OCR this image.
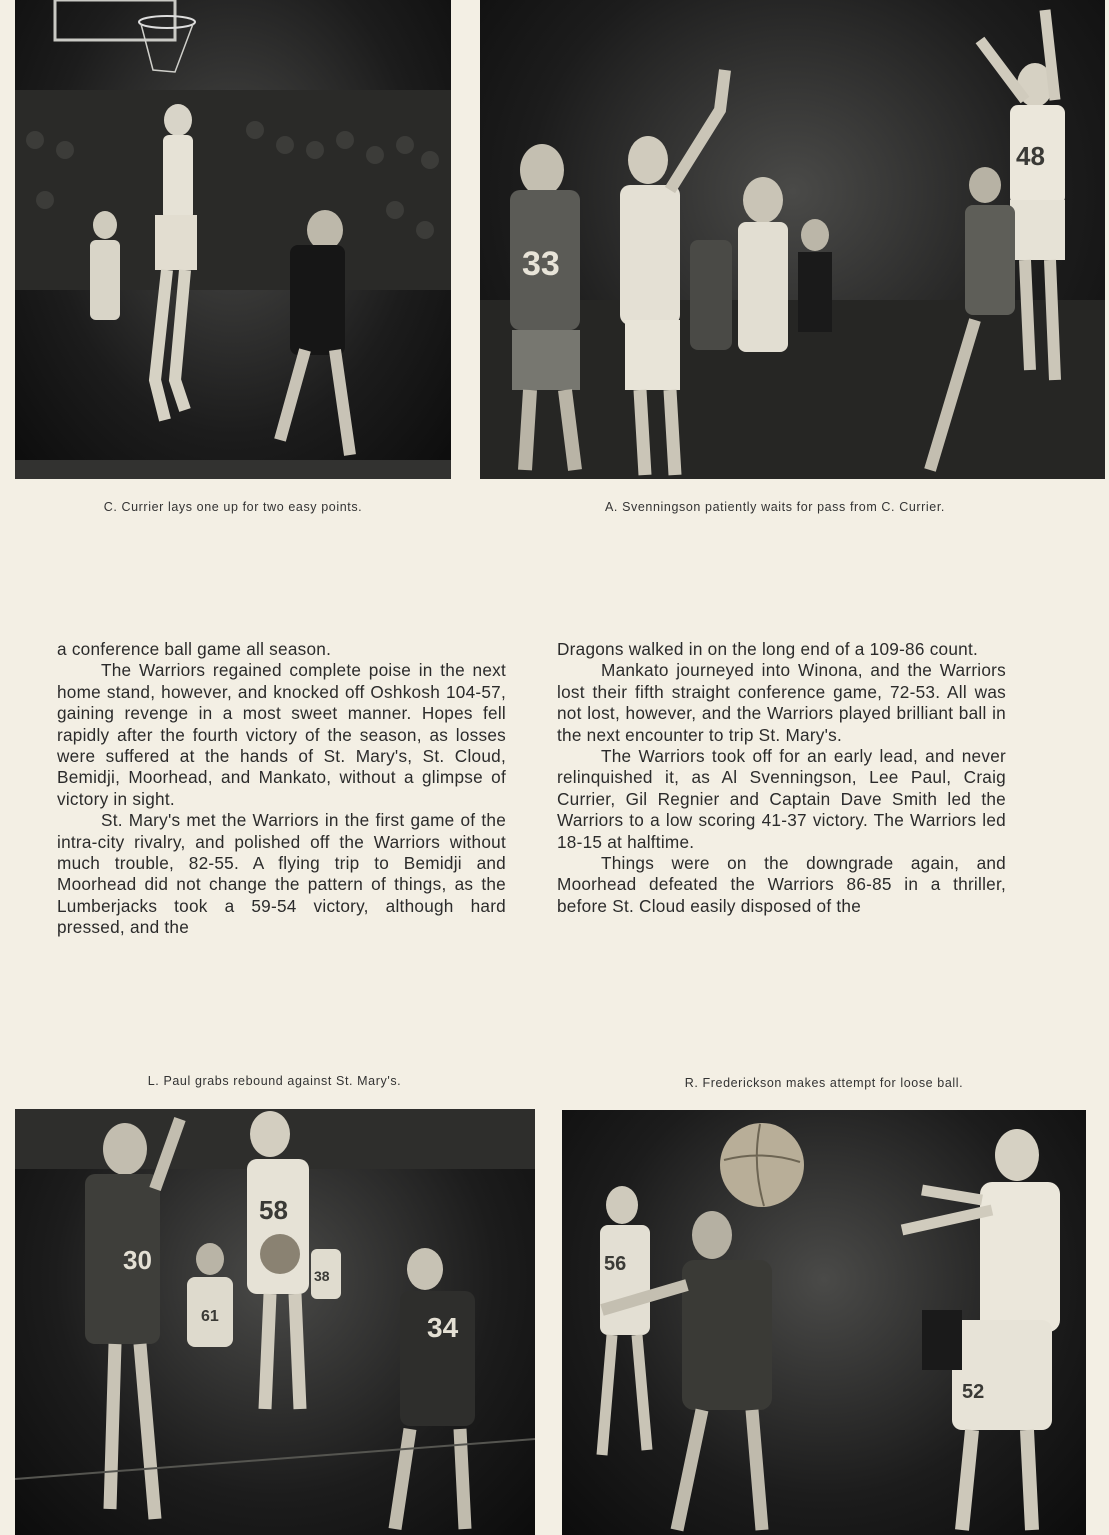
33
48
C. Currier lays one up for two easy points.	A. Svenningson patiently waits for pass from C. Currier.

a conference ball game all season.

The Warriors regained complete poise in the next home stand, however, and knocked off Oshkosh 104-57, gaining revenge in a most sweet manner. Hopes fell rapidly after the fourth victory of the season, as losses were suffered at the hands of St. Mary's, St. Cloud, Bemidji, Moorhead, and Mankato, without a glimpse of victory in sight.

St. Mary's met the Warriors in the first game of the intra-city rivalry, and polished off the Warriors without much trouble, 82-55. A flying trip to Bemidji and Moorhead did not change the pattern of things, as the Lumberjacks took a 59-54 victory, although hard pressed, and the

Dragons walked in on the long end of a 109-86 count.

Mankato journeyed into Winona, and the Warriors lost their fifth straight conference game, 72-53. All was not lost, however, and the Warriors played brilliant ball in the next encounter to trip St. Mary's.

The Warriors took off for an early lead, and never relinquished it, as Al Svenningson, Lee Paul, Craig Currier, Gil Regnier and Captain Dave Smith led the Warriors to a low scoring 41-37 victory. The Warriors led 18-15 at halftime.

Things were on the downgrade again, and Moorhead defeated the Warriors 86-85 in a thriller, before St. Cloud easily disposed of the

L. Paul grabs rebound against St. Mary's.	R. Frederickson makes attempt for loose ball.
30
58
61
38
34
56
52
